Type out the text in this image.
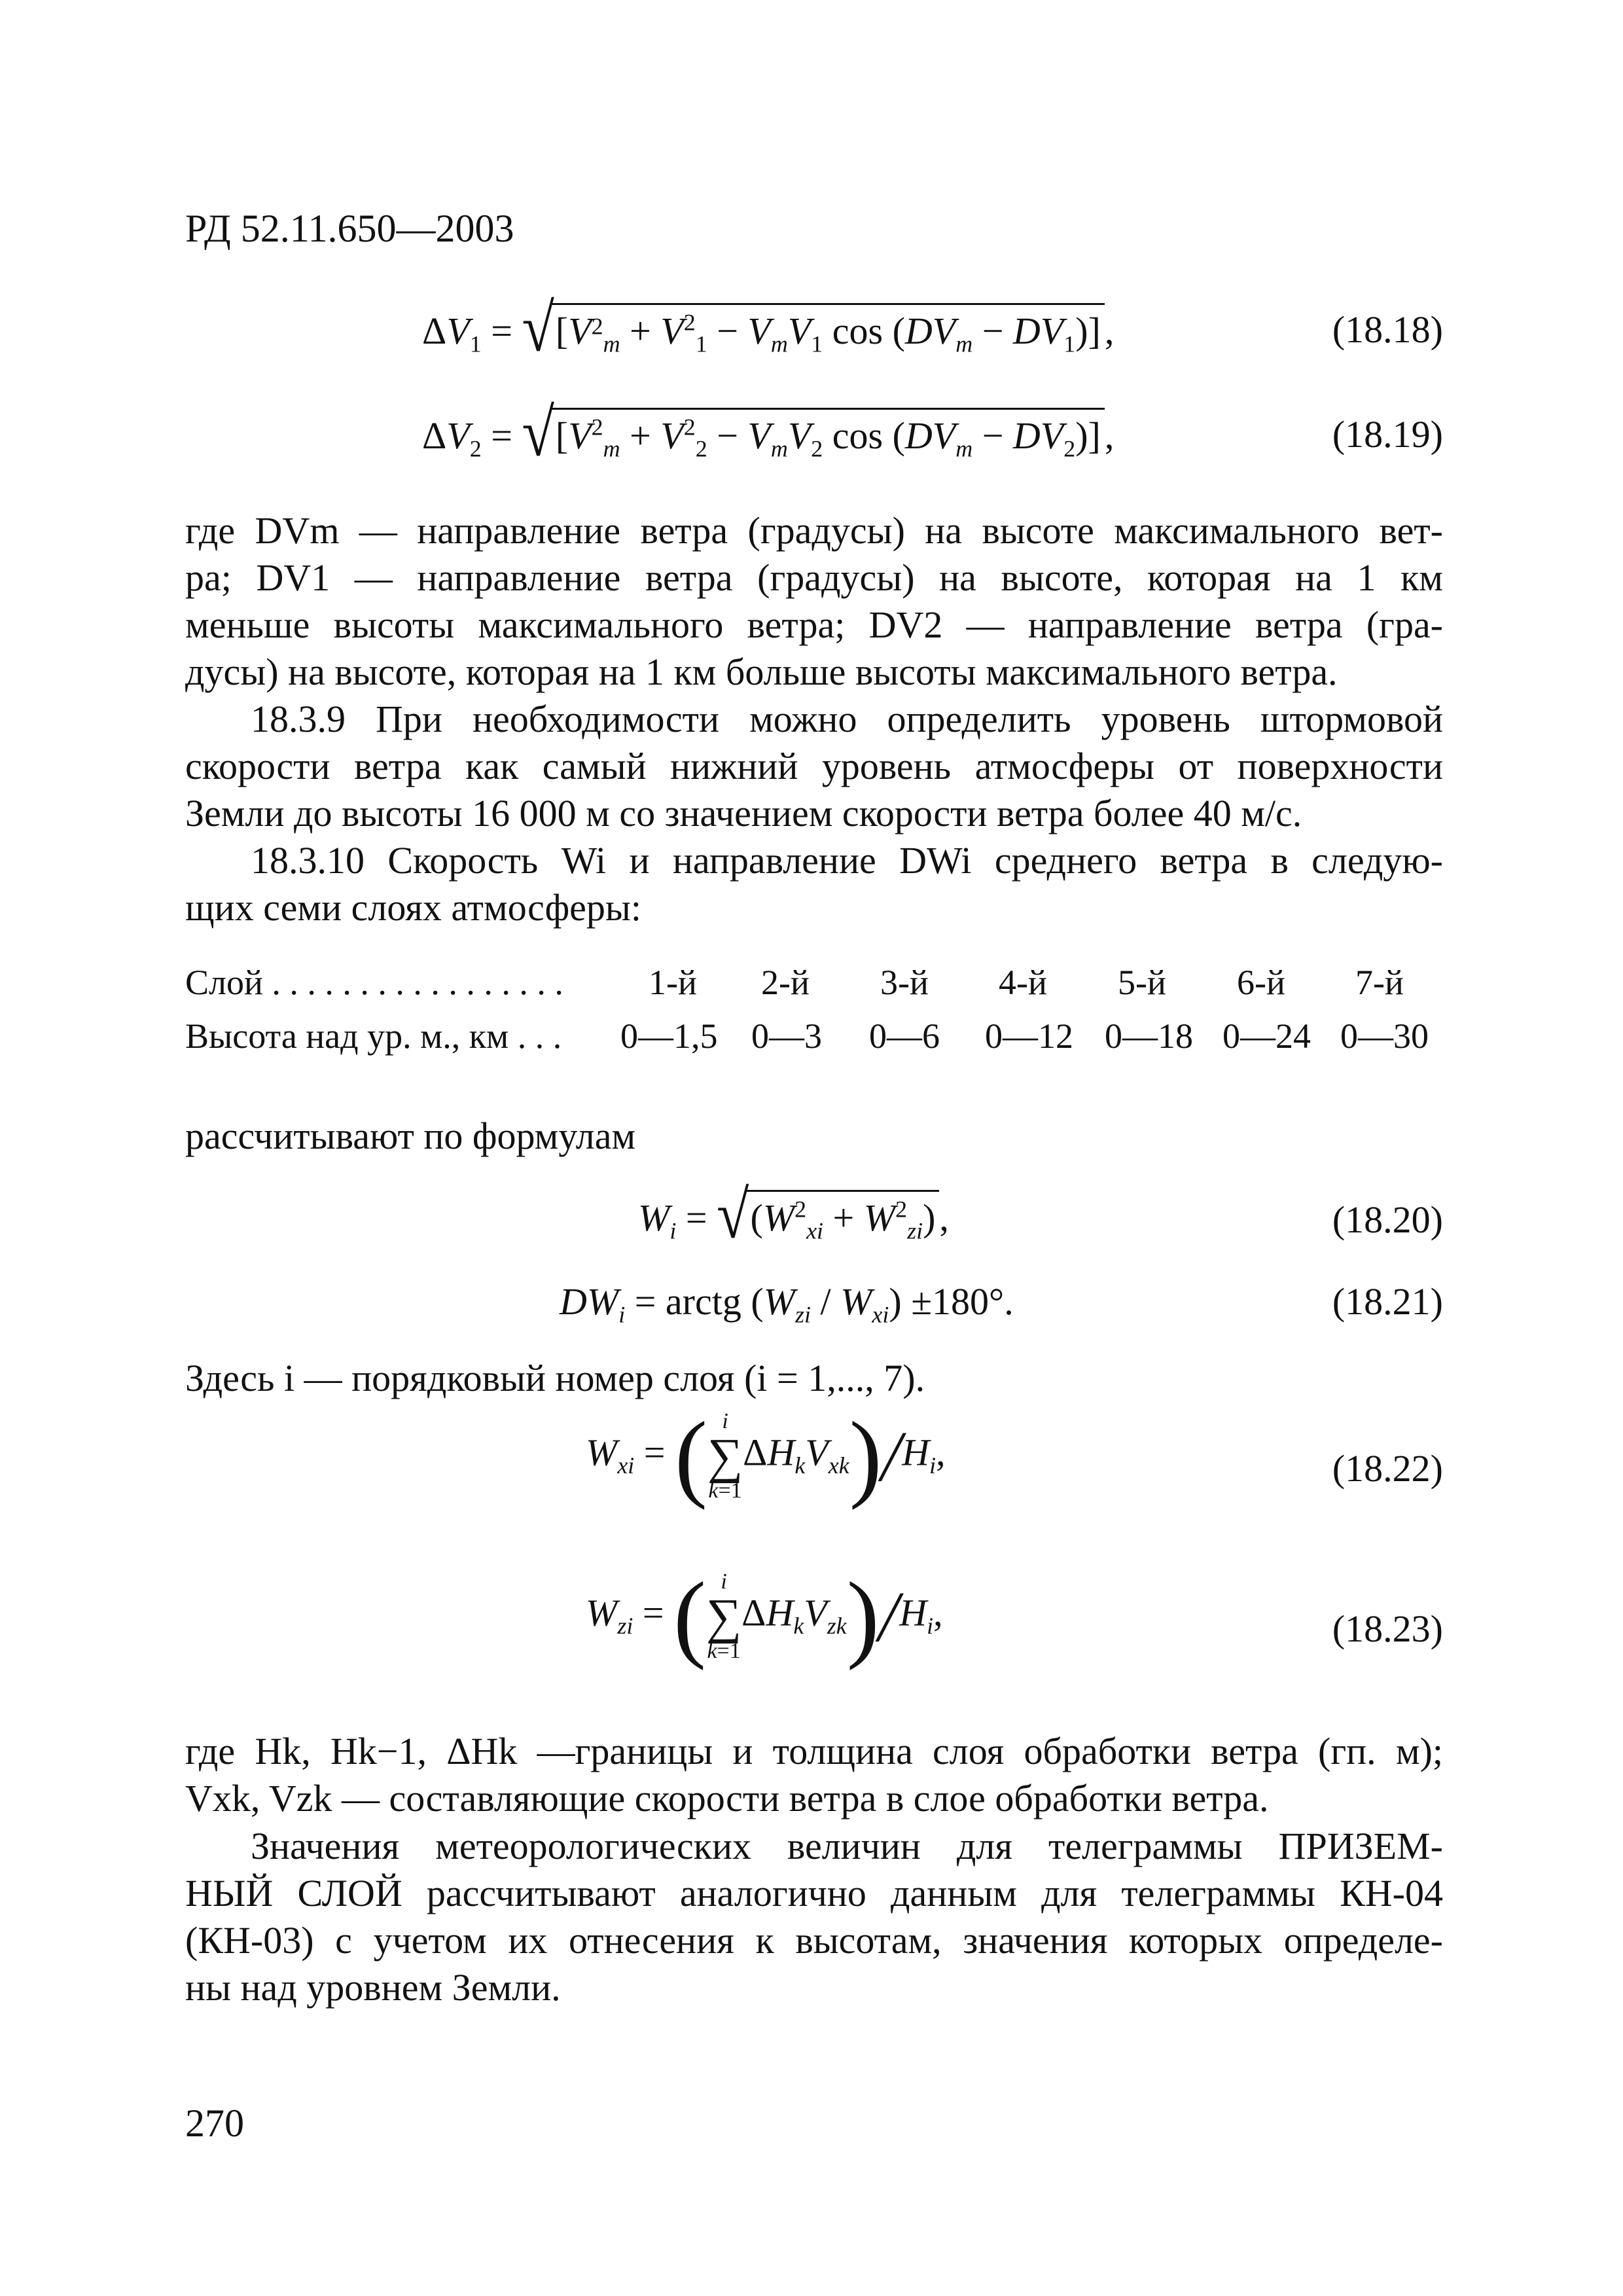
РД 52.11.650—2003
$\Delta V_1 = √[V^2_m + V^2_1 - V_mV_1$ $\cos (DV_m - DV_1)$] ,	(18.18)
$\Delta V_2 = √[V^2_m + V^2_2 - V_mV_2$ $\cos (DV_m - DV_2)$] ,	(18.19)
где DVm — направление ветра (градусы) на высоте максимального вет-
ра; DV1 — направление ветра (градусы) на высоте, которая на 1 км
меньше высоты максимального ветра; DV2 — направление ветра (гра-
дусы) на высоте, которая на 1 км больше высоты максимального ветра.
18.3.9 При необходимости можно определить уровень штормовой
скорости ветра как самый нижний уровень атмосферы от поверхности
Земли до высоты 16 000 м со значением скорости ветра более 40 м/с.
18.3.10 Скорость Wi и направление DWi среднего ветра в следую-
щих семи слоях атмосферы:
Слой . . . . . . . . . . . . . . . . . 1-й 2-й 3-й 4-й 5-й 6-й 7-й
Высота над ур. м., км . . . 0—1,5 0—3 0—6 0—12 0—18 0—24 0—30
рассчитывают по формулам
$W_i = √(W^2_{xi} + W^2_{zi})$ ,	(18.20)
$DW_i$ = arctg $(W_{zi} / W_{xi}) \pm 180^\circ$.	(18.21)
Здесь i — порядковый номер слоя (i = 1,..., 7).
$W_{xi}$ = ( i
∑
k=1
$\Delta H_kV_{xk})/H_i$,	(18.22)
$W_{zi}$ = ( i
∑
k=1
$\Delta H_kV_{zk})/H_i$,	(18.23)
где Hk, Hk−1, ΔHk —границы и толщина слоя обработки ветра (гп. м);
Vxk, Vzk — составляющие скорости ветра в слое обработки ветра.
Значения метеорологических величин для телеграммы ПРИЗЕМ-
НЫЙ СЛОЙ рассчитывают аналогично данным для телеграммы КН-04
(КН-03) с учетом их отнесения к высотам, значения которых определе-
ны над уровнем Земли.
270
